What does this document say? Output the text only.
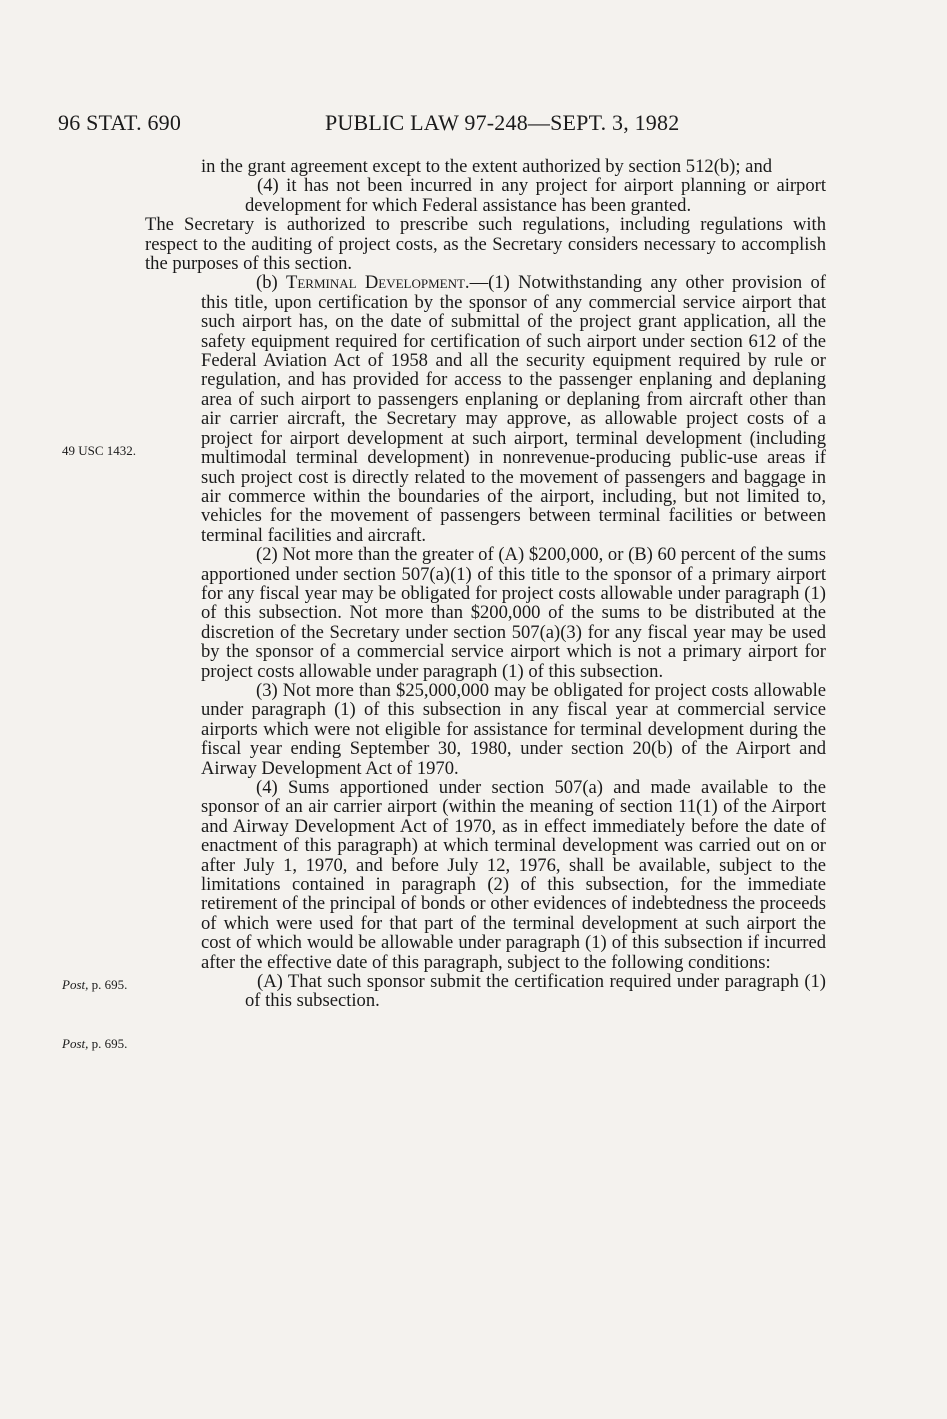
96 STAT. 690	PUBLIC LAW 97-248—SEPT. 3, 1982
49 USC 1432.
Post, p. 695.
Post, p. 695.

in the grant agreement except to the extent authorized by section 512(b); and

(4) it has not been incurred in any project for airport planning or airport development for which Federal assistance has been granted.

The Secretary is authorized to prescribe such regulations, including regulations with respect to the auditing of project costs, as the Secretary considers necessary to accomplish the purposes of this section.

(b) Terminal Development.—(1) Notwithstanding any other provision of this title, upon certification by the sponsor of any commercial service airport that such airport has, on the date of submittal of the project grant application, all the safety equipment required for certification of such airport under section 612 of the Federal Aviation Act of 1958 and all the security equipment required by rule or regulation, and has provided for access to the passenger enplaning and deplaning area of such airport to passengers enplaning or deplaning from aircraft other than air carrier aircraft, the Secretary may approve, as allowable project costs of a project for airport development at such airport, terminal development (including multimodal terminal development) in nonrevenue-producing public-use areas if such project cost is directly related to the movement of passengers and baggage in air commerce within the boundaries of the airport, including, but not limited to, vehicles for the movement of passengers between terminal facilities or between terminal facilities and aircraft.

(2) Not more than the greater of (A) $200,000, or (B) 60 percent of the sums apportioned under section 507(a)(1) of this title to the sponsor of a primary airport for any fiscal year may be obligated for project costs allowable under paragraph (1) of this subsection. Not more than $200,000 of the sums to be distributed at the discretion of the Secretary under section 507(a)(3) for any fiscal year may be used by the sponsor of a commercial service airport which is not a primary airport for project costs allowable under paragraph (1) of this subsection.

(3) Not more than $25,000,000 may be obligated for project costs allowable under paragraph (1) of this subsection in any fiscal year at commercial service airports which were not eligible for assistance for terminal development during the fiscal year ending September 30, 1980, under section 20(b) of the Airport and Airway Development Act of 1970.

(4) Sums apportioned under section 507(a) and made available to the sponsor of an air carrier airport (within the meaning of section 11(1) of the Airport and Airway Development Act of 1970, as in effect immediately before the date of enactment of this paragraph) at which terminal development was carried out on or after July 1, 1970, and before July 12, 1976, shall be available, subject to the limitations contained in paragraph (2) of this subsection, for the immediate retirement of the principal of bonds or other evidences of indebtedness the proceeds of which were used for that part of the terminal development at such airport the cost of which would be allowable under paragraph (1) of this subsection if incurred after the effective date of this paragraph, subject to the following conditions:

(A) That such sponsor submit the certification required under paragraph (1) of this subsection.
